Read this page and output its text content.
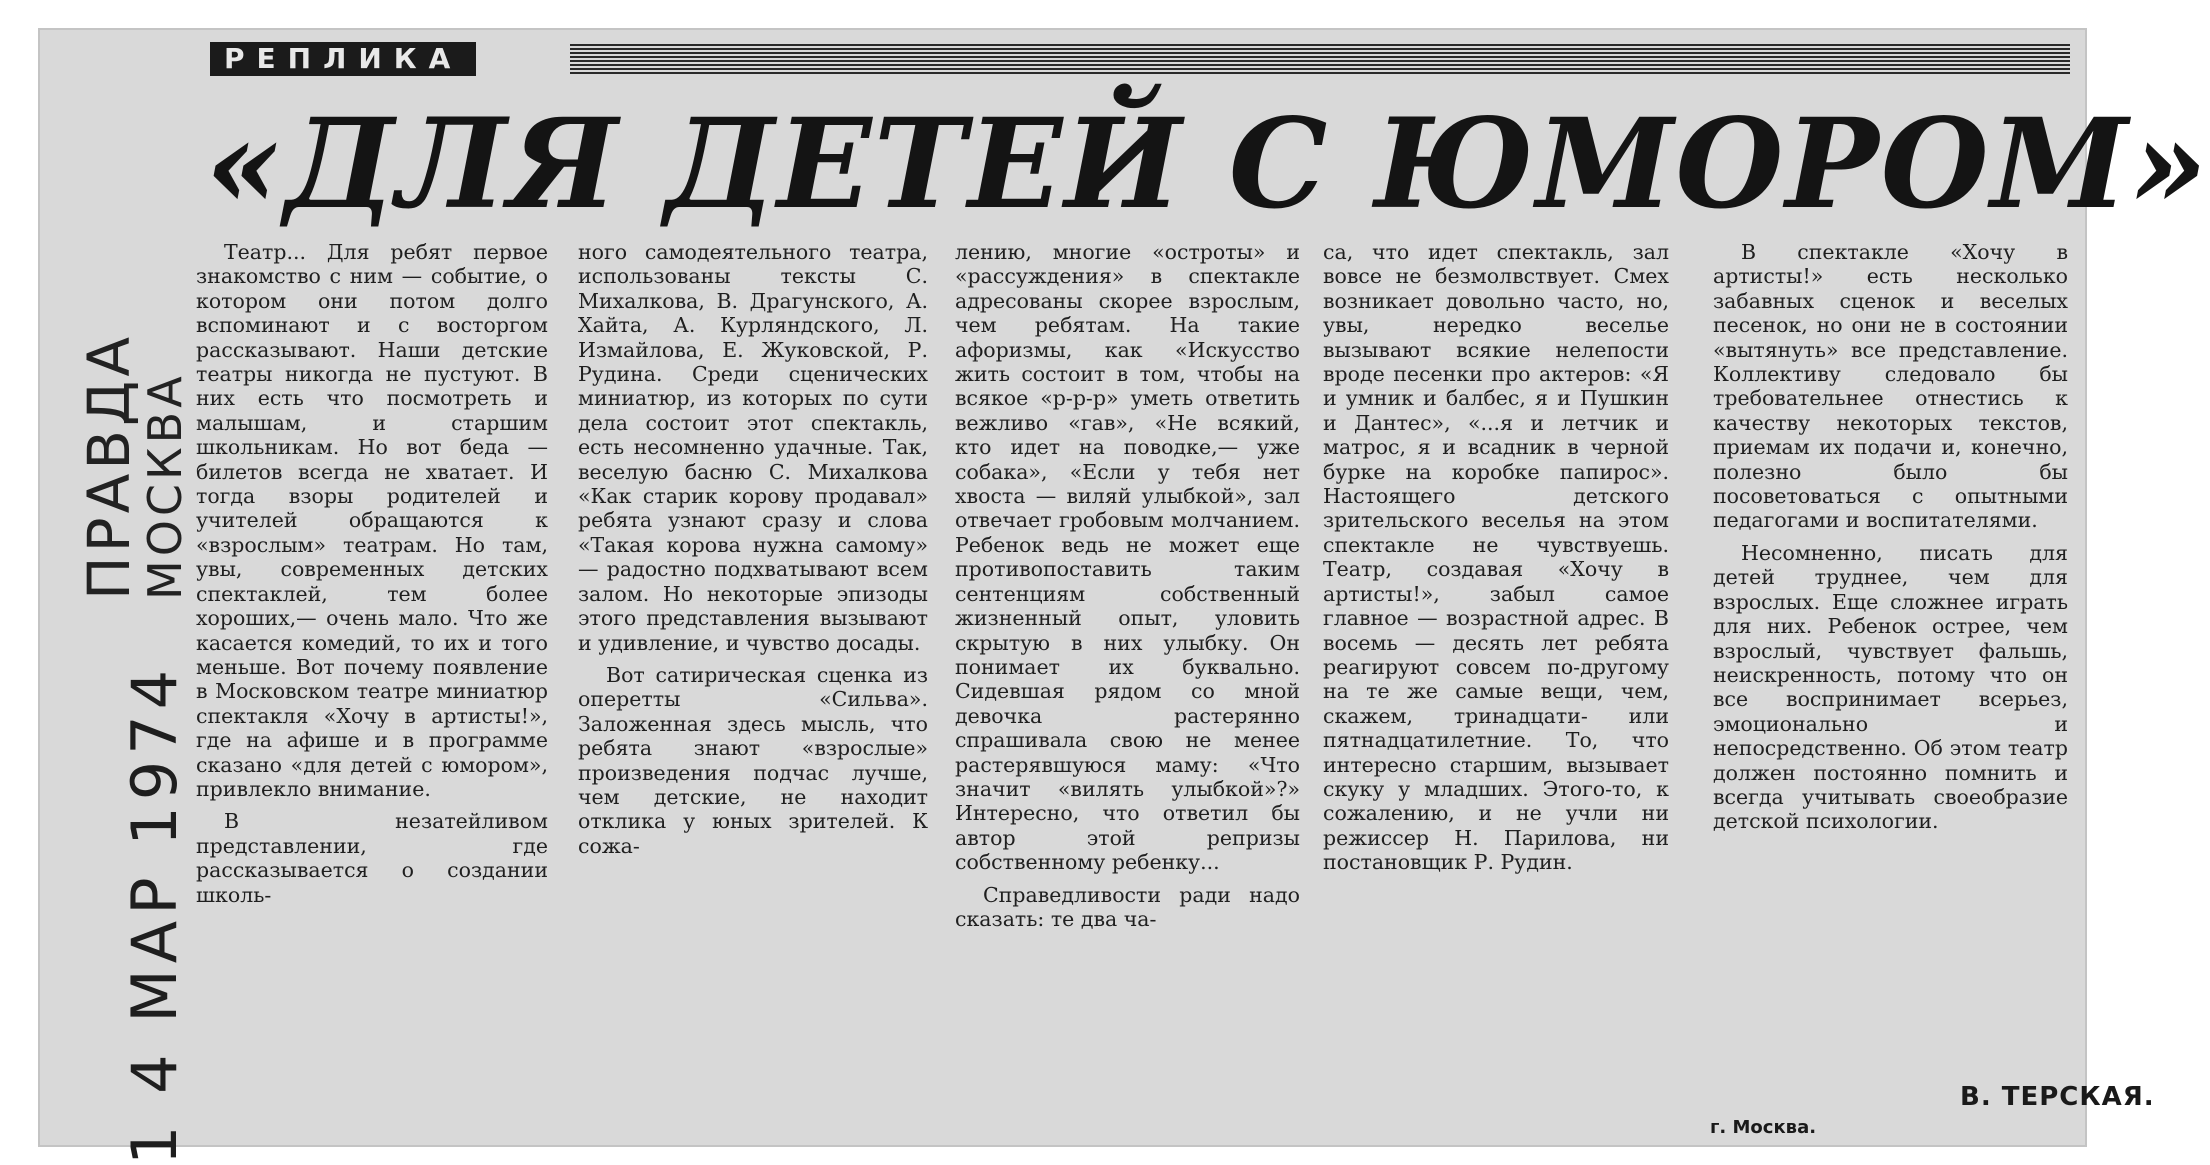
ПРАВДА
МОСКВА
1 4 МАР 1974
РЕПЛИКА
«ДЛЯ ДЕТЕЙ С ЮМОРОМ»

Театр... Для ребят первое знакомство с ним — событие, о котором они потом долго вспоминают и с восторгом рассказывают. Наши детские театры никогда не пустуют. В них есть что посмотреть и малышам, и старшим школьникам. Но вот беда — билетов всегда не хватает. И тогда взоры родителей и учителей обращаются к «взрослым» театрам. Но там, увы, современных детских спектаклей, тем более хороших,— очень мало. Что же касается комедий, то их и того меньше. Вот почему появление в Московском театре миниатюр спектакля «Хочу в артисты!», где на афише и в программе сказано «для детей с юмором», привлекло внимание.

В незатейливом представлении, где рассказывается о создании школь-

ного самодеятельного театра, использованы тексты С. Михалкова, В. Драгунского, А. Хайта, А. Курляндского, Л. Измайлова, Е. Жуковской, Р. Рудина. Среди сценических миниатюр, из которых по сути дела состоит этот спектакль, есть несомненно удачные. Так, веселую басню С. Михалкова «Как старик корову продавал» ребята узнают сразу и слова «Такая корова нужна самому» — радостно подхватывают всем залом. Но некоторые эпизоды этого представления вызывают и удивление, и чувство досады.

Вот сатирическая сценка из оперетты «Сильва». Заложенная здесь мысль, что ребята знают «взрослые» произведения подчас лучше, чем детские, не находит отклика у юных зрителей. К сожа-

лению, многие «остроты» и «рассуждения» в спектакле адресованы скорее взрослым, чем ребятам. На такие афоризмы, как «Искусство жить состоит в том, чтобы на всякое «р-р-р» уметь ответить вежливо «гав», «Не всякий, кто идет на поводке,— уже собака», «Если у тебя нет хвоста — виляй улыбкой», зал отвечает гробовым молчанием. Ребенок ведь не может еще противопоставить таким сентенциям собственный жизненный опыт, уловить скрытую в них улыбку. Он понимает их буквально. Сидевшая рядом со мной девочка растерянно спрашивала свою не менее растерявшуюся маму: «Что значит «вилять улыбкой»?» Интересно, что ответил бы автор этой репризы собственному ребенку...

Справедливости ради надо сказать: те два ча-

са, что идет спектакль, зал вовсе не безмолвствует. Смех возникает довольно часто, но, увы, нередко веселье вызывают всякие нелепости вроде песенки про актеров: «Я и умник и балбес, я и Пушкин и Дантес», «...я и летчик и матрос, я и всадник в черной бурке на коробке папирос». Настоящего детского зрительского веселья на этом спектакле не чувствуешь. Театр, создавая «Хочу в артисты!», забыл самое главное — возрастной адрес. В восемь — десять лет ребята реагируют совсем по-другому на те же самые вещи, чем, скажем, тринадцати- или пятнадцатилетние. То, что интересно старшим, вызывает скуку у младших. Этого-то, к сожалению, и не учли ни режиссер Н. Парилова, ни постановщик Р. Рудин.

В спектакле «Хочу в артисты!» есть несколько забавных сценок и веселых песенок, но они не в состоянии «вытянуть» все представление. Коллективу следовало бы требовательнее отнестись к качеству некоторых текстов, приемам их подачи и, конечно, полезно было бы посоветоваться с опытными педагогами и воспитателями.

Несомненно, писать для детей труднее, чем для взрослых. Еще сложнее играть для них. Ребенок острее, чем взрослый, чувствует фальшь, неискренность, потому что он все воспринимает всерьез, эмоционально и непосредственно. Об этом театр должен постоянно помнить и всегда учитывать своеобразие детской психологии.

В. ТЕРСКАЯ.
г. Москва.
